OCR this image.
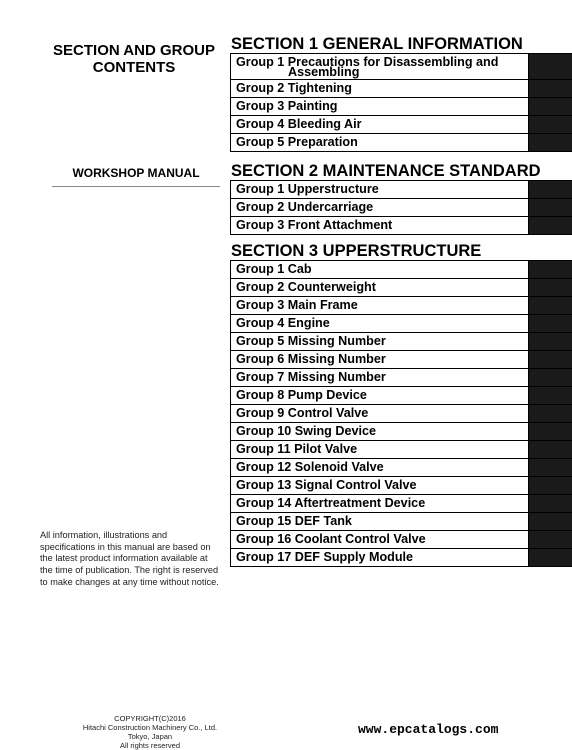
SECTION AND GROUP
CONTENTS
WORKSHOP MANUAL
All information, illustrations and specifications in this manual are based on the latest product information available at the time of publication. The right is reserved to make changes at any time without notice.
COPYRIGHT(C)2016
Hitachi Construction Machinery Co., Ltd.
Tokyo, Japan
All rights reserved
www.epcatalogs.com
SECTION 1 GENERAL INFORMATION
Group 1 Precautions for Disassembling and
Assembling
Group 2 Tightening
Group 3 Painting
Group 4 Bleeding Air
Group 5 Preparation
SECTION 2 MAINTENANCE STANDARD
Group 1 Upperstructure
Group 2 Undercarriage
Group 3 Front Attachment
SECTION 3 UPPERSTRUCTURE
Group 1 Cab
Group 2 Counterweight
Group 3 Main Frame
Group 4 Engine
Group 5 Missing Number
Group 6 Missing Number
Group 7 Missing Number
Group 8 Pump Device
Group 9 Control Valve
Group 10 Swing Device
Group 11 Pilot Valve
Group 12 Solenoid Valve
Group 13 Signal Control Valve
Group 14 Aftertreatment Device
Group 15 DEF Tank
Group 16 Coolant Control Valve
Group 17 DEF Supply Module
